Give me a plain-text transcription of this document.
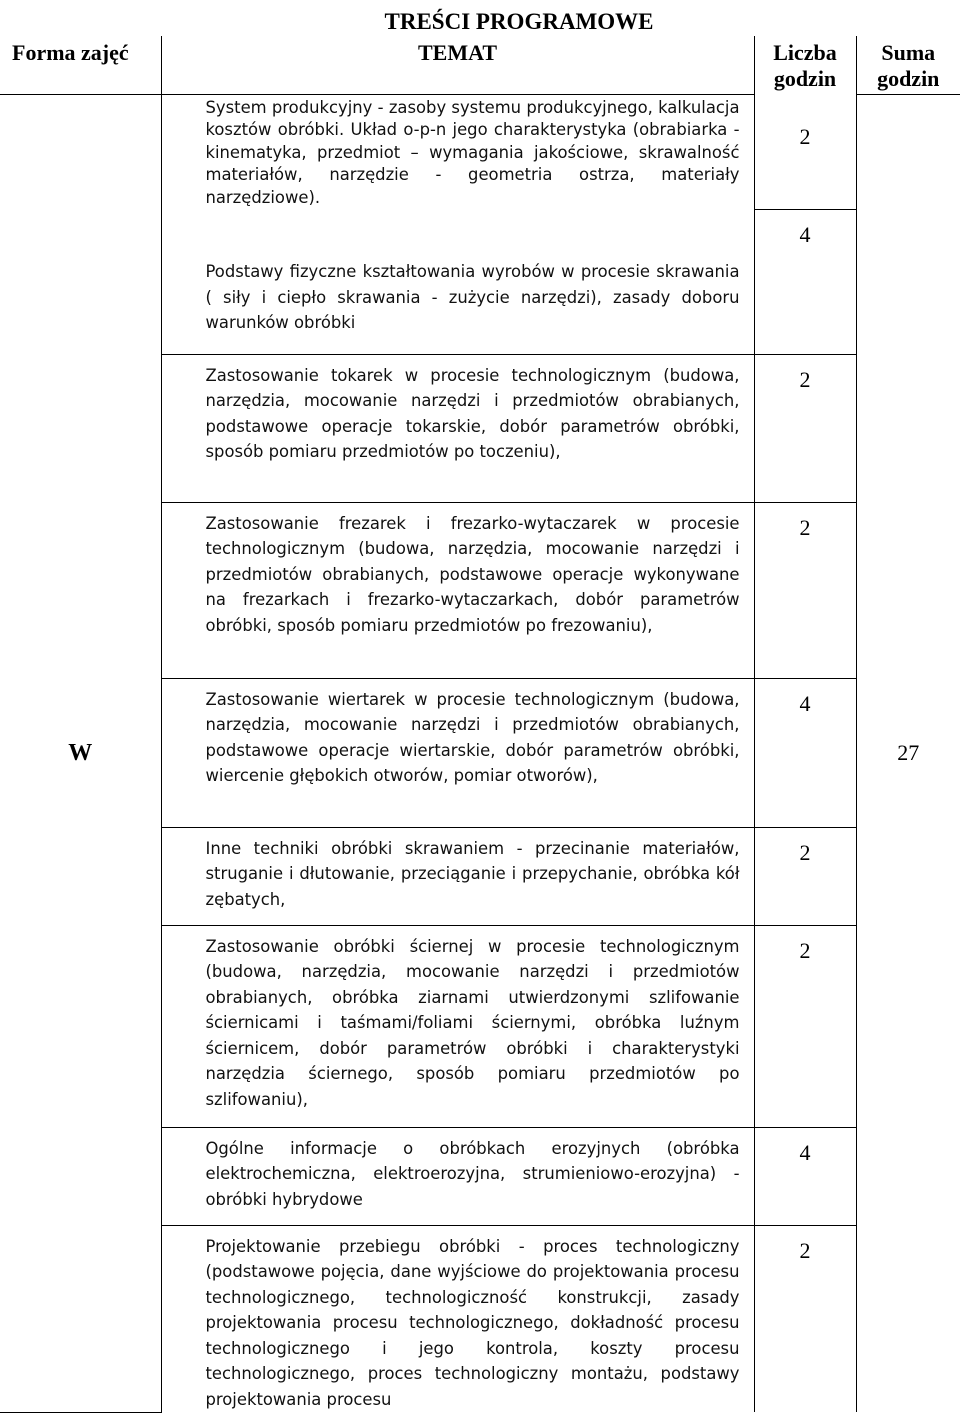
TREŚCI PROGRAMOWE
Forma zajęć	TEMAT	Liczba godzin	Suma godzin
W	System produkcyjny - zasoby systemu produkcyjnego, kalkulacja kosztów obróbki. Układ o-p-n jego charakterystyka (obrabiarka - kinematyka, przedmiot – wymagania jakościowe, skrawalność materiałów, narzędzie - geometria ostrza, materiały narzędziowe).	2	27
	Podstawy fizyczne kształtowania wyrobów w procesie skrawania ( siły i ciepło skrawania - zużycie narzędzi), zasady doboru warunków obróbki	4	
	Zastosowanie tokarek w procesie technologicznym (budowa, narzędzia, mocowanie narzędzi i przedmiotów obrabianych, podstawowe operacje tokarskie, dobór parametrów obróbki, sposób pomiaru przedmiotów po toczeniu),	2	
	Zastosowanie frezarek i frezarko-wytaczarek w procesie technologicznym (budowa, narzędzia, mocowanie narzędzi i przedmiotów obrabianych, podstawowe operacje wykonywane na frezarkach i frezarko-wytaczarkach, dobór parametrów obróbki, sposób pomiaru przedmiotów po frezowaniu),	2	
	Zastosowanie wiertarek w procesie technologicznym (budowa, narzędzia, mocowanie narzędzi i przedmiotów obrabianych, podstawowe operacje wiertarskie, dobór parametrów obróbki, wiercenie głębokich otworów, pomiar otworów),	4	
	Inne techniki obróbki skrawaniem - przecinanie materiałów, struganie i dłutowanie, przeciąganie i przepychanie, obróbka kół zębatych,	2	
	Zastosowanie obróbki ściernej w procesie technologicznym (budowa, narzędzia, mocowanie narzędzi i przedmiotów obrabianych, obróbka ziarnami utwierdzonymi szlifowanie ściernicami i taśmami/foliami ściernymi, obróbka luźnym ściernicem, dobór parametrów obróbki i charakterystyki narzędzia ściernego, sposób pomiaru przedmiotów po szlifowaniu),	2	
	Ogólne informacje o obróbkach erozyjnych (obróbka elektrochemiczna, elektroerozyjna, strumieniowo-erozyjna) - obróbki hybrydowe	4	
	Projektowanie przebiegu obróbki - proces technologiczny (podstawowe pojęcia, dane wyjściowe do projektowania procesu technologicznego, technologiczność konstrukcji, zasady projektowania procesu technologicznego, dokładność procesu technologicznego i jego kontrola, koszty procesu technologicznego, proces technologiczny montażu, podstawy projektowania procesu	2	
